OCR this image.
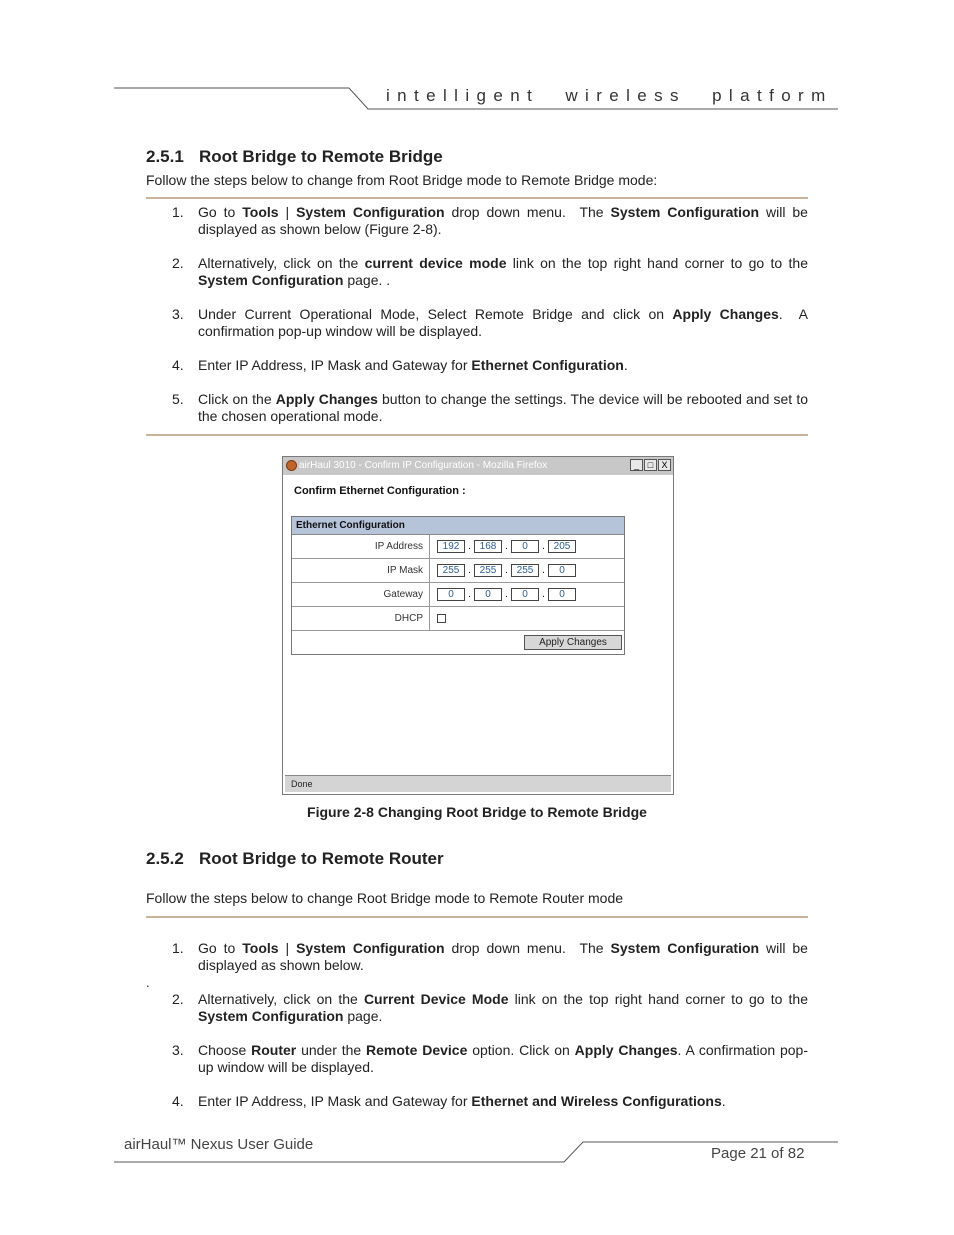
intelligent wireless platform
2.5.1 Root Bridge to Remote Bridge
Follow the steps below to change from Root Bridge mode to Remote Bridge mode:
1. Go to Tools | System Configuration drop down menu.  The System Configuration will be displayed as shown below (Figure 2-8).
2. Alternatively, click on the current device mode link on the top right hand corner to go to the System Configuration page. .
3. Under Current Operational Mode, Select Remote Bridge and click on Apply Changes.  A confirmation pop-up window will be displayed.
4. Enter IP Address, IP Mask and Gateway for Ethernet Configuration.
5. Click on the Apply Changes button to change the settings. The device will be rebooted and set to the chosen operational mode.
airHaul 3010 - Confirm IP Configuration - Mozilla Firefox	_ □ X
Confirm Ethernet Configuration :
Ethernet Configuration
IP Address	192 . 168 .	0	. 205
IP Mask	255 . 255 . 255 .	0
Gateway	0	.	0	.	0	.	0
DHCP
Apply Changes
Done
Figure 2-8 Changing Root Bridge to Remote Bridge
2.5.2 Root Bridge to Remote Router
Follow the steps below to change Root Bridge mode to Remote Router mode
1. Go to Tools | System Configuration drop down menu.  The System Configuration will be displayed as shown below.
2. Alternatively, click on the Current Device Mode link on the top right hand corner to go to the System Configuration page.
3. Choose Router under the Remote Device option. Click on Apply Changes. A confirmation pop-up window will be displayed.
4. Enter IP Address, IP Mask and Gateway for Ethernet and Wireless Configurations.
.
airHaul™ Nexus User Guide
Page 21 of 82
